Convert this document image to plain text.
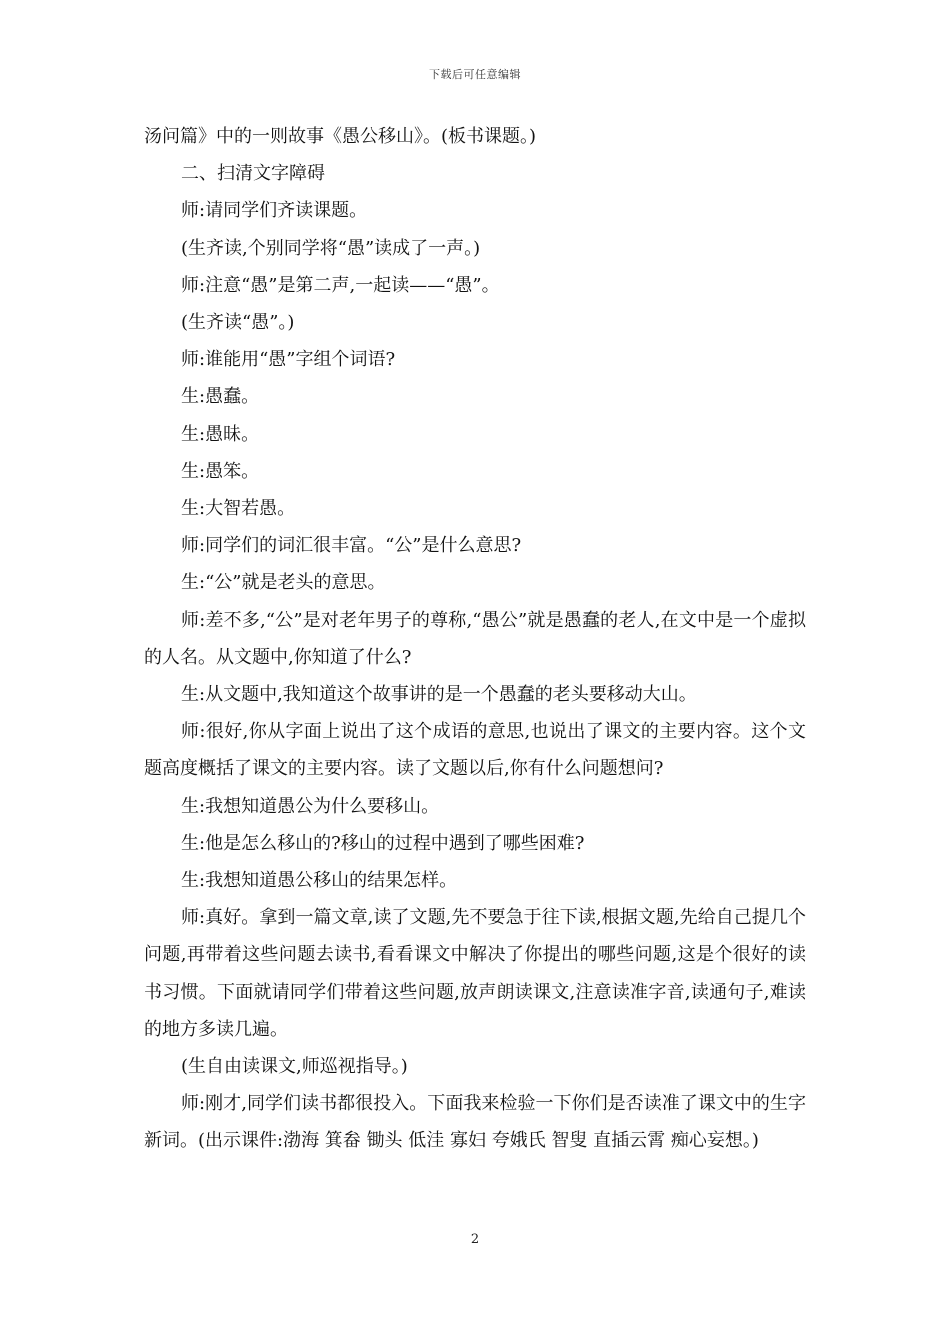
下载后可任意编辑

汤问篇》中的一则故事《愚公移山》。(板书课题。)

二、扫清文字障碍

师:请同学们齐读课题。

(生齐读,个别同学将“愚”读成了一声。)

师:注意“愚”是第二声,一起读——“愚”。

(生齐读“愚”。)

师:谁能用“愚”字组个词语?

生:愚蠢。

生:愚昧。

生:愚笨。

生:大智若愚。

师:同学们的词汇很丰富。“公”是什么意思?

生:“公”就是老头的意思。

师:差不多,“公”是对老年男子的尊称,“愚公”就是愚蠢的老人,在文中是一个虚拟的人名。从文题中,你知道了什么?

生:从文题中,我知道这个故事讲的是一个愚蠢的老头要移动大山。

师:很好,你从字面上说出了这个成语的意思,也说出了课文的主要内容。这个文题高度概括了课文的主要内容。读了文题以后,你有什么问题想问?

生:我想知道愚公为什么要移山。

生:他是怎么移山的?移山的过程中遇到了哪些困难?

生:我想知道愚公移山的结果怎样。

师:真好。拿到一篇文章,读了文题,先不要急于往下读,根据文题,先给自己提几个问题,再带着这些问题去读书,看看课文中解决了你提出的哪些问题,这是个很好的读书习惯。下面就请同学们带着这些问题,放声朗读课文,注意读准字音,读通句子,难读的地方多读几遍。

(生自由读课文,师巡视指导。)

师:刚才,同学们读书都很投入。下面我来检验一下你们是否读准了课文中的生字新词。(出示课件:渤海 箕畚 锄头 低洼 寡妇 夸娥氏 智叟 直插云霄 痴心妄想。)

2
